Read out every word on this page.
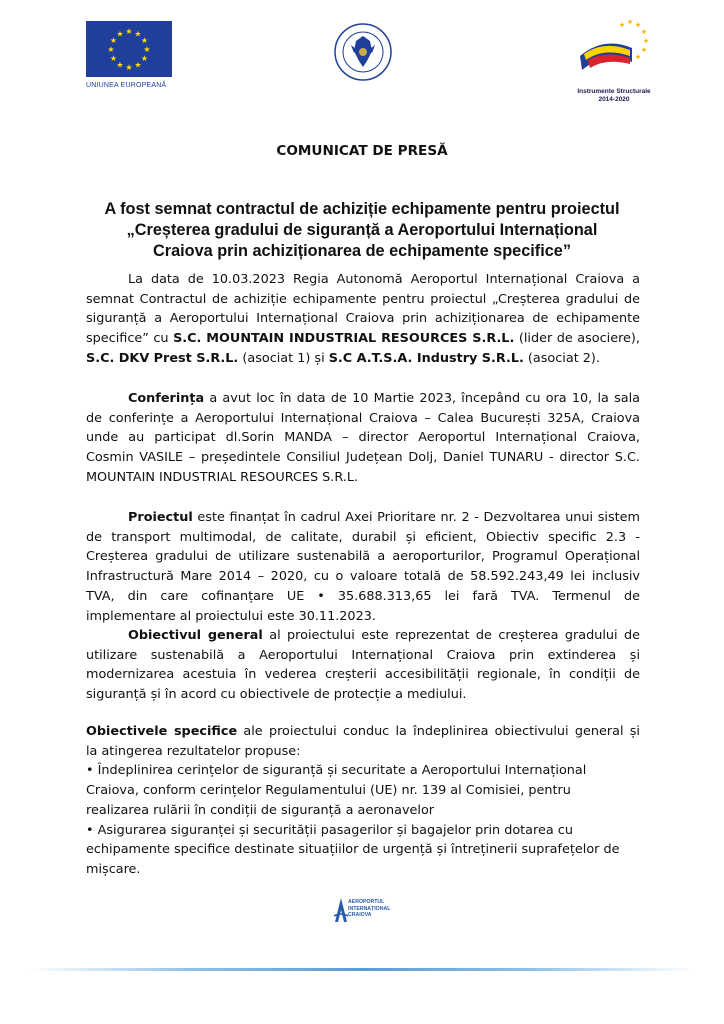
★ ★
★
★
★
★
★
★
★
★
★
★
UNIUNEA EUROPEANĂ
★ ★
★
★
★
★
★
Instrumente Structurale
2014-2020
COMUNICAT DE PRESĂ
A fost semnat contractul de achiziție echipamente pentru proiectul
„Creșterea gradului de siguranță a Aeroportului Internațional
Craiova prin achiziționarea de echipamente specifice”
La data de 10.03.2023 Regia Autonomă Aeroportul Internațional Craiova a
semnat Contractul de achiziție echipamente pentru proiectul „Creșterea gradului de
siguranță a Aeroportului Internațional Craiova prin achiziționarea de echipamente
specifice” cu S.C. MOUNTAIN INDUSTRIAL RESOURCES S.R.L. (lider de asociere),
S.C. DKV Prest S.R.L. (asociat 1) și S.C A.T.S.A. Industry S.R.L. (asociat 2).
Conferința a avut loc în data de 10 Martie 2023, începând cu ora 10, la sala
de conferințe a Aeroportului Internațional Craiova – Calea București 325A, Craiova
unde au participat dl.Sorin MANDA – director Aeroportul Internațional Craiova,
Cosmin VASILE – președintele Consiliul Județean Dolj, Daniel TUNARU - director S.C.
MOUNTAIN INDUSTRIAL RESOURCES S.R.L.
Proiectul este finanțat în cadrul Axei Prioritare nr. 2 - Dezvoltarea unui sistem
de transport multimodal, de calitate, durabil și eficient, Obiectiv specific 2.3 -
Creșterea gradului de utilizare sustenabilă a aeroporturilor, Programul Operațional
Infrastructură Mare 2014 – 2020, cu o valoare totală de 58.592.243,49 lei inclusiv
TVA, din care cofinanțare UE • 35.688.313,65 lei fară TVA. Termenul de
implementare al proiectului este 30.11.2023.
Obiectivul general al proiectului este reprezentat de creșterea gradului de
utilizare sustenabilă a Aeroportului Internațional Craiova prin extinderea și
modernizarea acestuia în vederea creșterii accesibilității regionale, în condiții de
siguranță și în acord cu obiectivele de protecție a mediului.
Obiectivele specifice ale proiectului conduc la îndeplinirea obiectivului general și
la atingerea rezultatelor propuse:
• Îndeplinirea cerințelor de siguranță și securitate a Aeroportului Internațional
Craiova, conform cerințelor Regulamentului (UE) nr. 139 al Comisiei, pentru
realizarea rulării în condiții de siguranță a aeronavelor
• Asigurarea siguranței și securității pasagerilor și bagajelor prin dotarea cu
echipamente specifice destinate situațiilor de urgență și întreținerii suprafețelor de
mișcare.
AEROPORTUL
INTERNAȚIONAL
CRAIOVA
